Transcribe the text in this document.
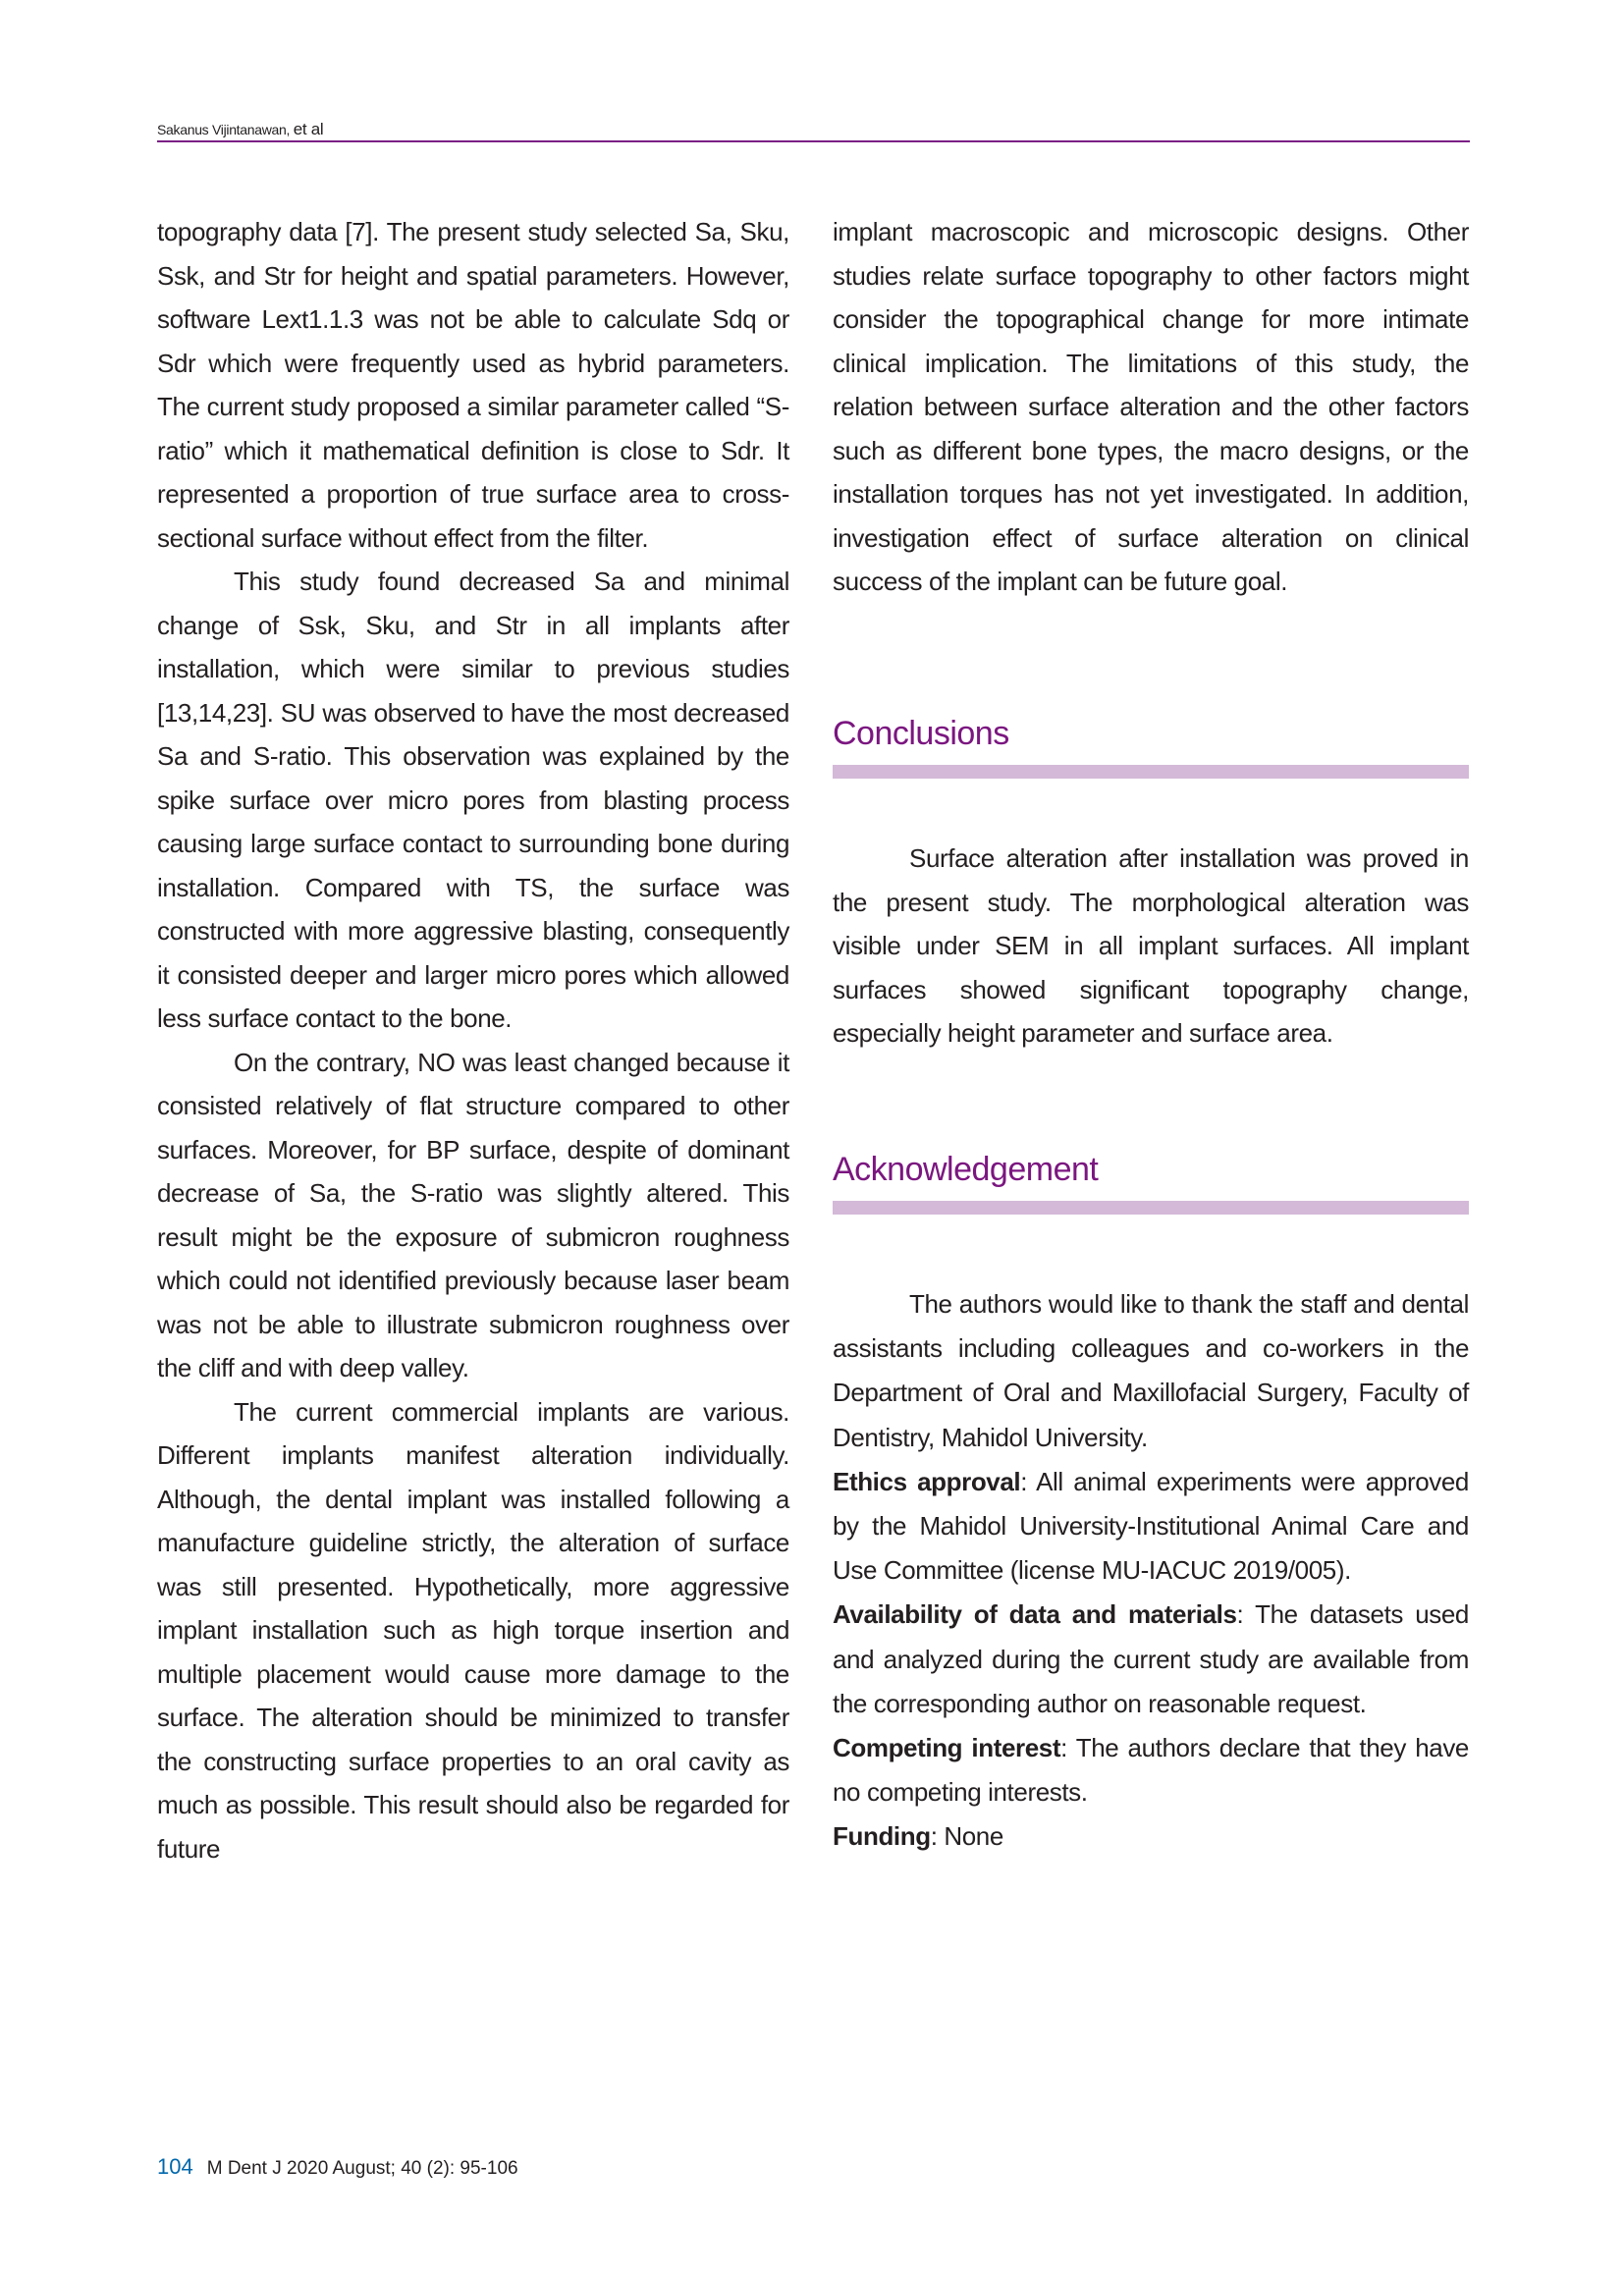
Sakanus Vijintanawan, et al

topography data [7]. The present study selected Sa, Sku, Ssk, and Str for height and spatial parameters. However, software Lext1.1.3 was not be able to calculate Sdq or Sdr which were frequently used as hybrid parameters. The current study proposed a similar parameter called “S-ratio” which it mathematical definition is close to Sdr. It represented a proportion of true surface area to cross-sectional surface without effect from the filter.

This study found decreased Sa and minimal change of Ssk, Sku, and Str in all implants after installation, which were similar to previous studies [13,14,23]. SU was observed to have the most decreased Sa and S-ratio. This observation was explained by the spike surface over micro pores from blasting process causing large surface contact to surrounding bone during installation. Compared with TS, the surface was constructed with more aggressive blasting, consequently it consisted deeper and larger micro pores which allowed less surface contact to the bone.

On the contrary, NO was least changed because it consisted relatively of flat structure compared to other surfaces. Moreover, for BP surface, despite of dominant decrease of Sa, the S-ratio was slightly altered. This result might be the exposure of submicron roughness which could not identified previously because laser beam was not be able to illustrate submicron roughness over the cliff and with deep valley.

The current commercial implants are various. Different implants manifest alteration individually. Although, the dental implant was installed following a manufacture guideline strictly, the alteration of surface was still presented. Hypothetically, more aggressive implant installation such as high torque insertion and multiple placement would cause more damage to the surface. The alteration should be minimized to transfer the constructing surface properties to an oral cavity as much as possible. This result should also be regarded for future

implant macroscopic and microscopic designs. Other studies relate surface topography to other factors might consider the topographical change for more intimate clinical implication. The limitations of this study, the relation between surface alteration and the other factors such as different bone types, the macro designs, or the installation torques has not yet investigated. In addition, investigation effect of surface alteration on clinical success of the implant can be future goal.

Conclusions

Surface alteration after installation was proved in the present study. The morphological alteration was visible under SEM in all implant surfaces. All implant surfaces showed significant topography change, especially height parameter and surface area.

Acknowledgement

The authors would like to thank the staff and dental assistants including colleagues and co-workers in the Department of Oral and Maxillofacial Surgery, Faculty of Dentistry, Mahidol University.

Ethics approval: All animal experiments were approved by the Mahidol University-Institutional Animal Care and Use Committee (license MU-IACUC 2019/005).

Availability of data and materials: The datasets used and analyzed during the current study are available from the corresponding author on reasonable request.

Competing interest: The authors declare that they have no competing interests.

Funding: None

104 M Dent J 2020 August; 40 (2): 95-106
